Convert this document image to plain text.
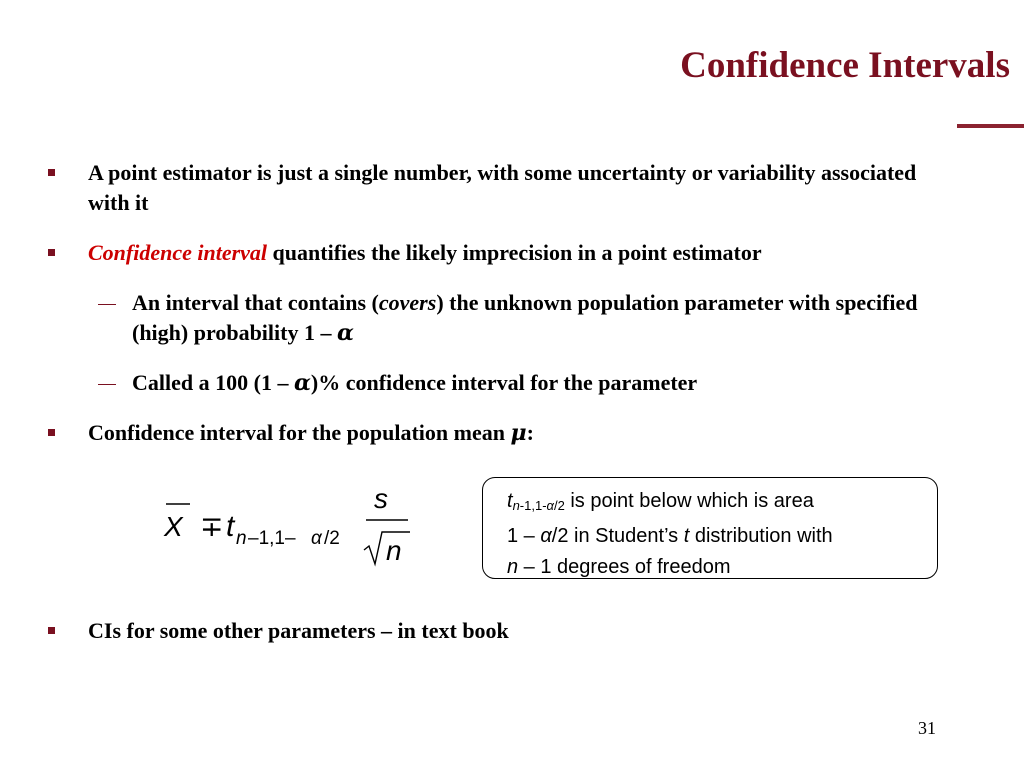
Confidence Intervals
A point estimator is just a single number, with some uncertainty or variability associated with it
Confidence interval quantifies the likely imprecision in a point estimator
An interval that contains (covers) the unknown population parameter with specified (high) probability 1 – α
Called a 100 (1 – α)% confidence interval for the parameter
Confidence interval for the population mean μ:
CIs for some other parameters – in text book
X ∓ t n –1,1– α /2
s
n
$t_{n-1,1-\alpha/2}$ is point below which is area
1 – α/2 in Student’s t distribution with
n – 1 degrees of freedom
31
